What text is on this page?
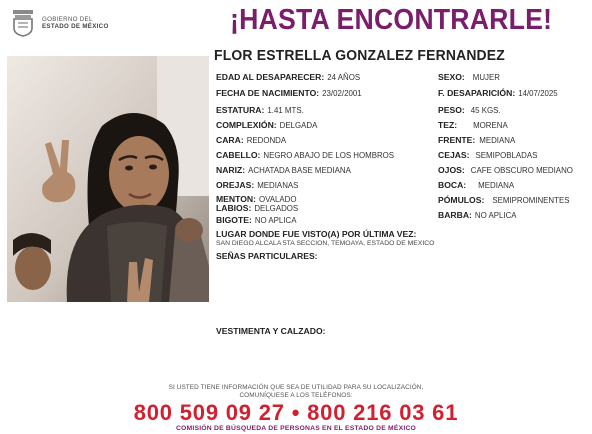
GOBIERNO DEL
ESTADO DE MÉXICO	¡HASTA ENCONTRARLE!
FLOR ESTRELLA GONZALEZ FERNANDEZ
EDAD AL DESAPARECER: 24 AÑOS
FECHA DE NACIMIENTO: 23/02/2001
ESTATURA: 1.41 MTS.
COMPLEXIÓN: DELGADA
CARA: REDONDA
CABELLO: NEGRO ABAJO DE LOS HOMBROS
NARIZ: ACHATADA BASE MEDIANA
OREJAS: MEDIANAS
MENTON: OVALADO
LABIOS: DELGADOS
BIGOTE: NO APLICA
SEXO: MUJER
F. DESAPARICIÓN: 14/07/2025
PESO: 45 KGS.
TEZ: MORENA
FRENTE: MEDIANA
CEJAS: SEMIPOBLADAS
OJOS: CAFE OBSCURO MEDIANO
BOCA: MEDIANA
PÓMULOS: SEMIPROMINENTES
BARBA: NO APLICA
LUGAR DONDE FUE VISTO(A) POR ÚLTIMA VEZ:
SAN DIEGO ALCALA 5TA SECCION, TEMOAYA, ESTADO DE MEXICO
SEÑAS PARTICULARES:
VESTIMENTA Y CALZADO:
SI USTED TIENE INFORMACIÓN QUE SEA DE UTILIDAD PARA SU LOCALIZACIÓN,
COMUNÍQUESE A LOS TELÉFONOS:
800 509 09 27 • 800 216 03 61
COMISIÓN DE BÚSQUEDA DE PERSONAS EN EL ESTADO DE MÉXICO
